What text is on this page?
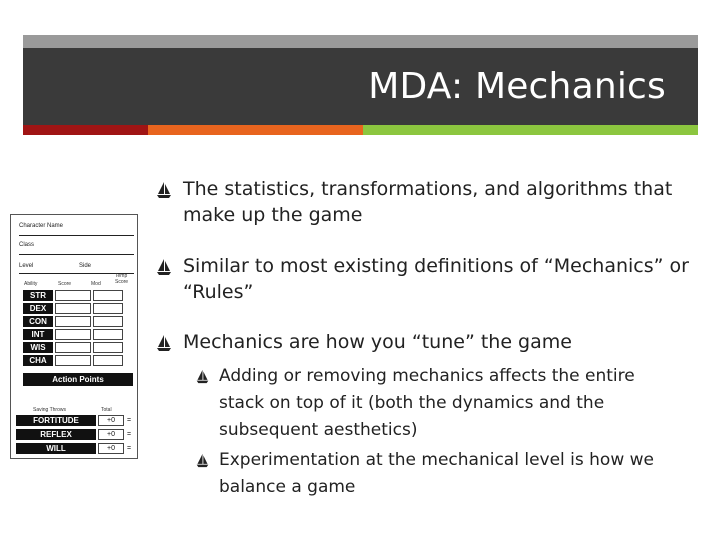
MDA: Mechanics
Character Name
Class
Level	Side
Ability	Score	Mod
Temp Score
STR
DEX
CON
INT
WIS
CHA
Action Points
Saving Throws	Total
FORTITUDE	+0	=
REFLEX	+0	=
WILL	+0	=
The statistics, transformations, and algorithms that make up the game
Similar to most existing definitions of “Mechanics” or “Rules”
Mechanics are how you “tune” the game
Adding or removing mechanics affects the entire stack on top of it (both the dynamics and the subsequent aesthetics)
Experimentation at the mechanical level is how we balance a game
